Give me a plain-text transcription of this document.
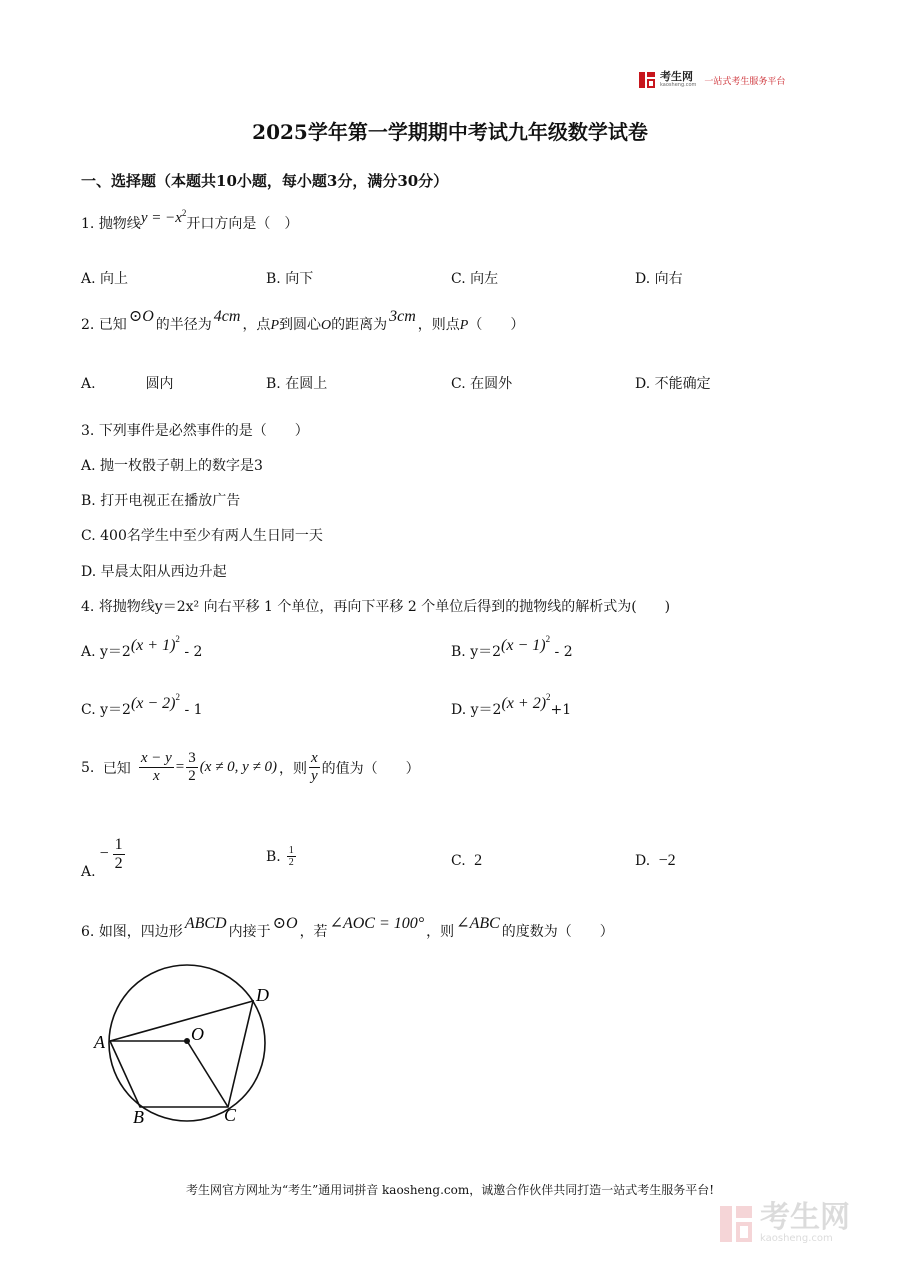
考生网
kaosheng.com 一站式考生服务平台
2025学年第一学期期中考试九年级数学试卷
一、选择题（本题共10小题，每小题3分，满分30分）
1. 抛物线$y = -x^2$开口方向是（　）
A. 向上	B. 向下	C. 向左	D. 向右
2. 已知 ⊙O 的半径为 4cm ，点P到圆心O的距离为 3cm ，则点P（　　）
A.	圆内	B. 在圆上	C. 在圆外	D. 不能确定
3. 下列事件是必然事件的是（　　）
A. 抛一枚骰子朝上的数字是3
B. 打开电视正在播放广告
C. 400名学生中至少有两人生日同一天
D. 早晨太阳从西边升起
4. 将抛物线y＝2x² 向右平移 1 个单位，再向下平移 2 个单位后得到的抛物线的解析式为(　　)
A. $y=2(x + 1)^2 - 2$	B. $y=2(x - 1)^2 - 2$
C. $y=2(x - 2)^2 - 1$	D. $y=2(x + 2)^2+1$
5.
已知 $\frac{x - y}{x} = \frac{3}{2} (x \ne 0$, y ≠ 0) ，则 $\frac{x}{y}$ 的值为（　　）
A.
− $\frac{1}{2}$	B. $\frac{1}{2}$	C. 2	D. −2
6. 如图，四边形 ABCD 内接于 ⊙O ，若 ∠AOC = 100° ，则 ∠ABC 的度数为（　　）
A
B	C
D
O
考生网官方网址为“考生”通用词拼音 kaosheng.com，诚邀合作伙伴共同打造一站式考生服务平台!
考生网
kaosheng.com
